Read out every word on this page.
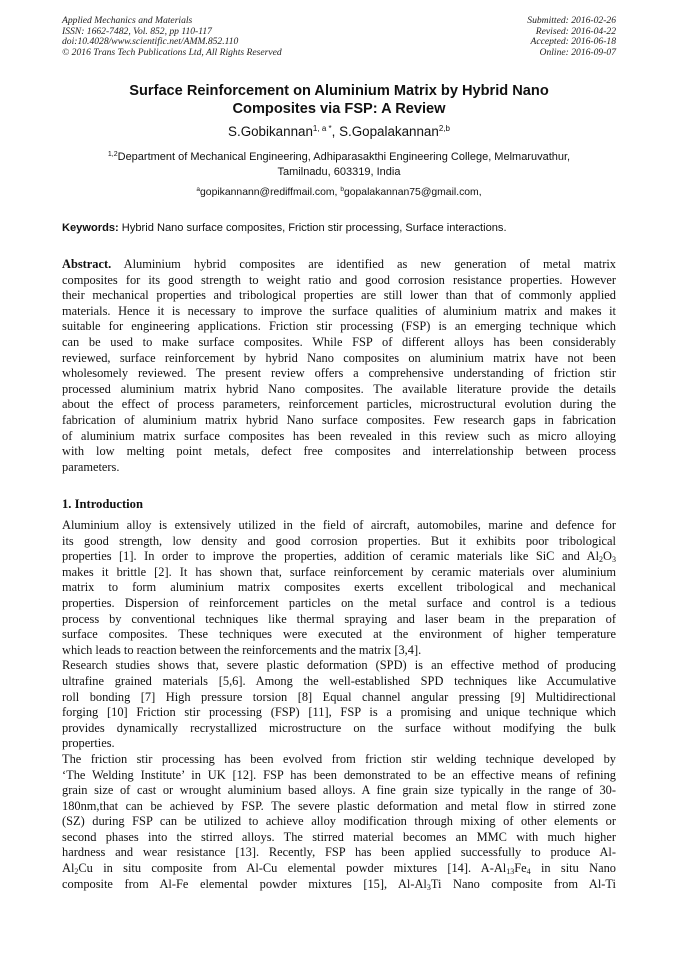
Applied Mechanics and Materials
ISSN: 1662-7482, Vol. 852, pp 110-117
doi:10.4028/www.scientific.net/AMM.852.110
© 2016 Trans Tech Publications Ltd, All Rights Reserved
Submitted: 2016-02-26
Revised: 2016-04-22
Accepted: 2016-06-18
Online: 2016-09-07
Surface Reinforcement on Aluminium Matrix by Hybrid Nano
Composites via FSP: A Review
S.Gobikannan$^{1, a *}$, S.Gopalakannan$^{2,b}$
$^{1,2}$Department of Mechanical Engineering, Adhiparasakthi Engineering College, Melmaruvathur,
Tamilnadu, 603319, India
$^a$gopikannann@rediffmail.com, $^b$gopalakannan75@gmail.com,
Keywords: Hybrid Nano surface composites, Friction stir processing, Surface interactions.
Abstract. Aluminium hybrid composites are identified as new generation of metal matrix
composites for its good strength to weight ratio and good corrosion resistance properties. However
their mechanical properties and tribological properties are still lower than that of commonly applied
materials. Hence it is necessary to improve the surface qualities of aluminium matrix and makes it
suitable for engineering applications. Friction stir processing (FSP) is an emerging technique which
can be used to make surface composites. While FSP of different alloys has been considerably
reviewed, surface reinforcement by hybrid Nano composites on aluminium matrix have not been
wholesomely reviewed. The present review offers a comprehensive understanding of friction stir
processed aluminium matrix hybrid Nano composites. The available literature provide the details
about the effect of process parameters, reinforcement particles, microstructural evolution during the
fabrication of aluminium matrix hybrid Nano surface composites. Few research gaps in fabrication
of aluminium matrix surface composites has been revealed in this review such as micro alloying
with low melting point metals, defect free composites and interrelationship between process
parameters.
1. Introduction
Aluminium alloy is extensively utilized in the field of aircraft, automobiles, marine and defence for
its good strength, low density and good corrosion properties. But it exhibits poor tribological
properties [1]. In order to improve the properties, addition of ceramic materials like SiC and $Al_2O_3$
makes it brittle [2]. It has shown that, surface reinforcement by ceramic materials over aluminium
matrix to form aluminium matrix composites exerts excellent tribological and mechanical
properties. Dispersion of reinforcement particles on the metal surface and control is a tedious
process by conventional techniques like thermal spraying and laser beam in the preparation of
surface composites. These techniques were executed at the environment of higher temperature
which leads to reaction between the reinforcements and the matrix [3,4].
Research studies shows that, severe plastic deformation (SPD) is an effective method of producing
ultrafine grained materials [5,6]. Among the well-established SPD techniques like Accumulative
roll bonding [7] High pressure torsion [8] Equal channel angular pressing [9] Multidirectional
forging [10] Friction stir processing (FSP) [11], FSP is a promising and unique technique which
provides dynamically recrystallized microstructure on the surface without modifying the bulk
properties.
The friction stir processing has been evolved from friction stir welding technique developed by
‘The Welding Institute’ in UK [12]. FSP has been demonstrated to be an effective means of refining
grain size of cast or wrought aluminium based alloys. A fine grain size typically in the range of 30-
180nm,that can be achieved by FSP. The severe plastic deformation and metal flow in stirred zone
(SZ) during FSP can be utilized to achieve alloy modification through mixing of other elements or
second phases into the stirred alloys. The stirred material becomes an MMC with much higher
hardness and wear resistance [13]. Recently, FSP has been applied successfully to produce Al-
$Al_2Cu$ in situ composite from Al-Cu elemental powder mixtures [14]. $A-Al_{13}Fe_4$ in situ Nano
composite from Al-Fe elemental powder mixtures [15], $Al-Al_3Ti$ Nano composite from Al-Ti
